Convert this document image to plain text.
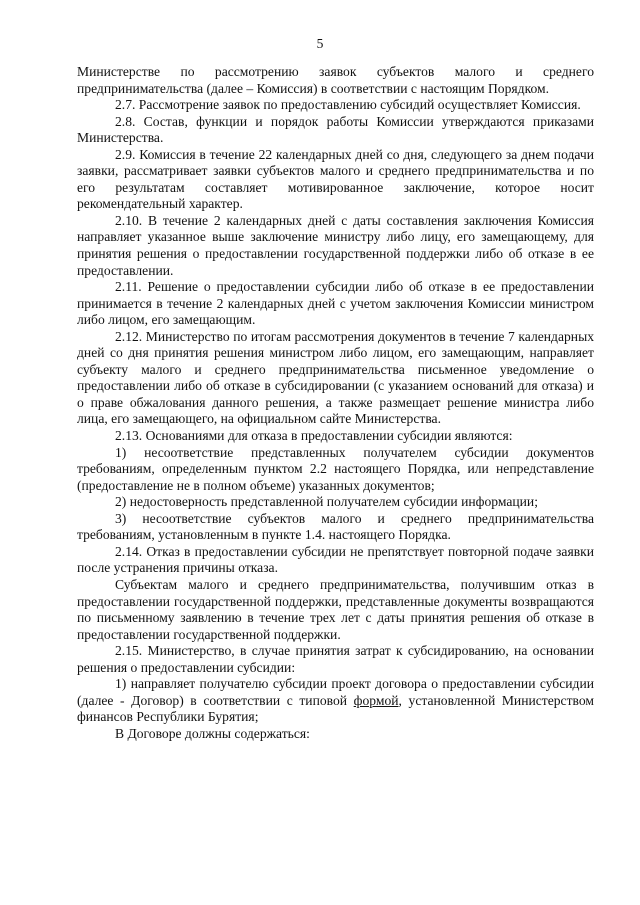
5

Министерстве по рассмотрению заявок субъектов малого и среднего предпринимательства (далее – Комиссия) в соответствии с настоящим Порядком.

2.7. Рассмотрение заявок по предоставлению субсидий осуществляет Комиссия.

2.8. Состав, функции и порядок работы Комиссии утверждаются приказами Министерства.

2.9. Комиссия в течение 22 календарных дней со дня, следующего за днем подачи заявки, рассматривает заявки субъектов малого и среднего предпринимательства и по его результатам составляет мотивированное заключение, которое носит рекомендательный характер.

2.10. В течение 2 календарных дней с даты составления заключения Комиссия направляет указанное выше заключение министру либо лицу, его замещающему, для принятия решения о предоставлении государственной поддержки либо об отказе в ее предоставлении.

2.11. Решение о предоставлении субсидии либо об отказе в ее предоставлении принимается в течение 2 календарных дней с учетом заключения Комиссии министром либо лицом, его замещающим.

2.12. Министерство по итогам рассмотрения документов в течение 7 календарных дней со дня принятия решения министром либо лицом, его замещающим, направляет субъекту малого и среднего предпринимательства письменное уведомление о предоставлении либо об отказе в субсидировании (с указанием оснований для отказа) и о праве обжалования данного решения, а также размещает решение министра либо лица, его замещающего, на официальном сайте Министерства.

2.13. Основаниями для отказа в предоставлении субсидии являются:

1) несоответствие представленных получателем субсидии документов требованиям, определенным пунктом 2.2 настоящего Порядка, или непредставление (предоставление не в полном объеме) указанных документов;

2) недостоверность представленной получателем субсидии информации;

3) несоответствие субъектов малого и среднего предпринимательства требованиям, установленным в пункте 1.4. настоящего Порядка.

2.14. Отказ в предоставлении субсидии не препятствует повторной подаче заявки после устранения причины отказа.

Субъектам малого и среднего предпринимательства, получившим отказ в предоставлении государственной поддержки, представленные документы возвращаются по письменному заявлению в течение трех лет с даты принятия решения об отказе в предоставлении государственной поддержки.

2.15. Министерство, в случае принятия затрат к субсидированию, на основании решения о предоставлении субсидии:

1) направляет получателю субсидии проект договора о предоставлении субсидии (далее - Договор) в соответствии с типовой формой, установленной Министерством финансов Республики Бурятия;

В Договоре должны содержаться:
